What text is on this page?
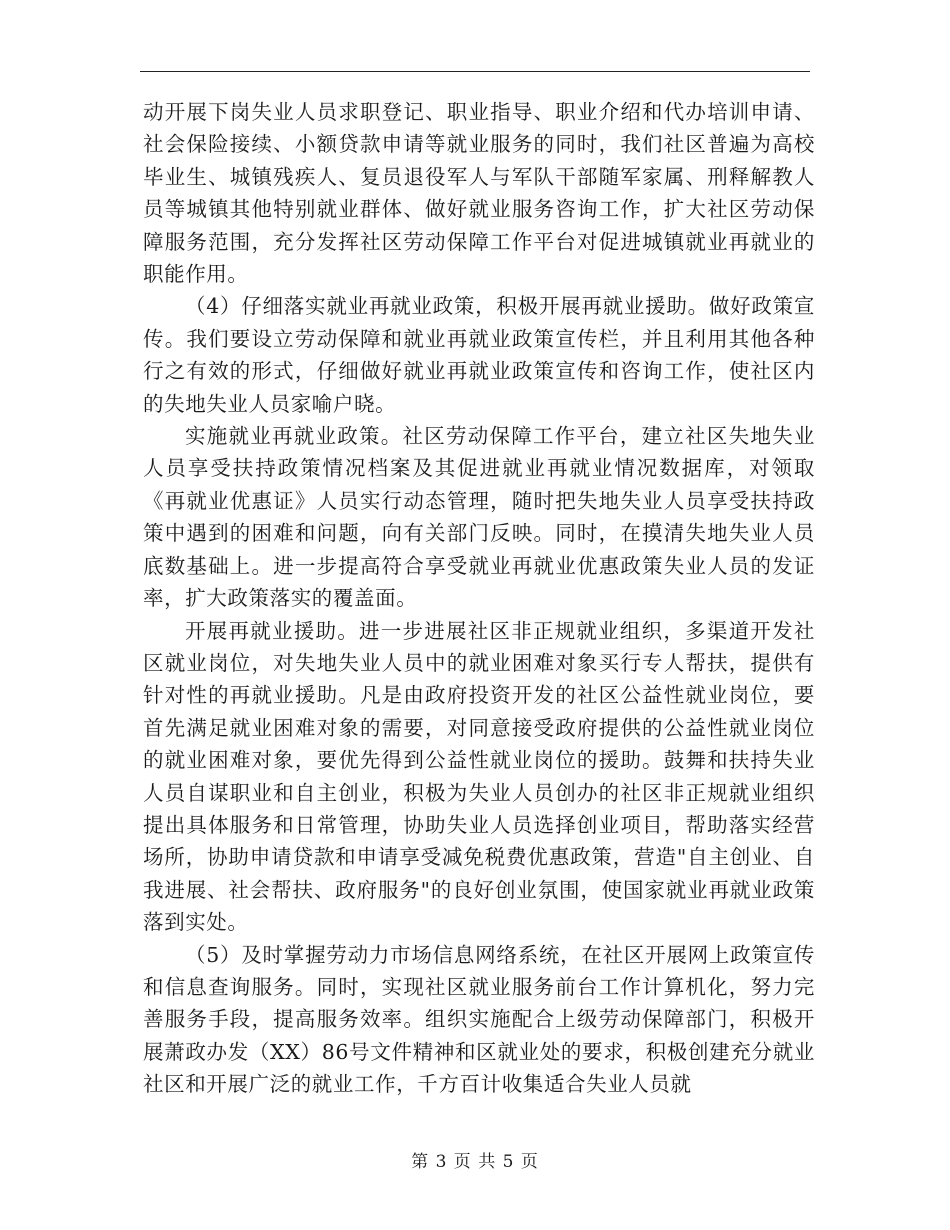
动开展下岗失业人员求职登记、职业指导、职业介绍和代办培训申请、社会保险接续、小额贷款申请等就业服务的同时，我们社区普遍为高校毕业生、城镇残疾人、复员退役军人与军队干部随军家属、刑释解教人员等城镇其他特别就业群体、做好就业服务咨询工作，扩大社区劳动保障服务范围，充分发挥社区劳动保障工作平台对促进城镇就业再就业的职能作用。

（4）仔细落实就业再就业政策，积极开展再就业援助。做好政策宣传。我们要设立劳动保障和就业再就业政策宣传栏，并且利用其他各种行之有效的形式，仔细做好就业再就业政策宣传和咨询工作，使社区内的失地失业人员家喻户晓。

实施就业再就业政策。社区劳动保障工作平台，建立社区失地失业人员享受扶持政策情况档案及其促进就业再就业情况数据库，对领取《再就业优惠证》人员实行动态管理，随时把失地失业人员享受扶持政策中遇到的困难和问题，向有关部门反映。同时，在摸清失地失业人员底数基础上。进一步提高符合享受就业再就业优惠政策失业人员的发证率，扩大政策落实的覆盖面。

开展再就业援助。进一步进展社区非正规就业组织，多渠道开发社区就业岗位，对失地失业人员中的就业困难对象买行专人帮扶，提供有针对性的再就业援助。凡是由政府投资开发的社区公益性就业岗位，要首先满足就业困难对象的需要，对同意接受政府提供的公益性就业岗位的就业困难对象，要优先得到公益性就业岗位的援助。鼓舞和扶持失业人员自谋职业和自主创业，积极为失业人员创办的社区非正规就业组织提出具体服务和日常管理，协助失业人员选择创业项目，帮助落实经营场所，协助申请贷款和申请享受减免税费优惠政策，营造"自主创业、自我进展、社会帮扶、政府服务"的良好创业氛围，使国家就业再就业政策落到实处。

（5）及时掌握劳动力市场信息网络系统，在社区开展网上政策宣传和信息查询服务。同时，实现社区就业服务前台工作计算机化，努力完善服务手段，提高服务效率。组织实施配合上级劳动保障部门，积极开展萧政办发（XX）86号文件精神和区就业处的要求，积极创建充分就业社区和开展广泛的就业工作，千方百计收集适合失业人员就

第 3 页 共 5 页
